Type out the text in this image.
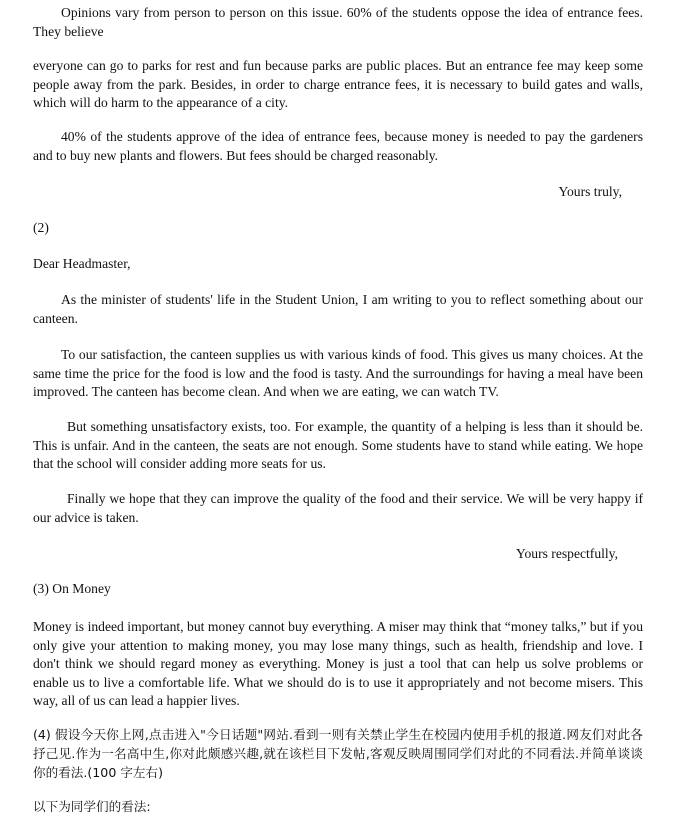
Opinions vary from person to person on this issue. 60% of the students oppose the idea of entrance fees. They believe

everyone can go to parks for rest and fun because parks are public places. But an entrance fee may keep some people away from the park. Besides, in order to charge entrance fees, it is necessary to build gates and walls, which will do harm to the appearance of a city.

40% of the students approve of the idea of entrance fees, because money is needed to pay the gardeners and to buy new plants and flowers. But fees should be charged reasonably.

Yours truly,

(2)

Dear Headmaster,

As the minister of students' life in the Student Union, I am writing to you to reflect something about our canteen.

To our satisfaction, the canteen supplies us with various kinds of food. This gives us many choices. At the same time the price for the food is low and the food is tasty. And the surroundings for having a meal have been improved. The canteen has become clean. And when we are eating, we can watch TV.

But something unsatisfactory exists, too. For example, the quantity of a helping is less than it should be. This is unfair. And in the canteen, the seats are not enough. Some students have to stand while eating. We hope that the school will consider adding more seats for us.

Finally we hope that they can improve the quality of the food and their service. We will be very happy if our advice is taken.

Yours respectfully,

(3) On Money

Money is indeed important, but money cannot buy everything. A miser may think that “money talks,” but if you only give your attention to making money, you may lose many things, such as health, friendship and love. I don't think we should regard money as everything. Money is just a tool that can help us solve problems or enable us to live a comfortable life. What we should do is to use it appropriately and not become misers. This way, all of us can lead a happier lives.

(4) 假设今天你上网,点击进入"今日话题"网站.看到一则有关禁止学生在校园内使用手机的报道.网友们对此各抒己见.作为一名高中生,你对此颇感兴趣,就在该栏目下发帖,客观反映周围同学们对此的不同看法.并简单谈谈你的看法.(100 字左右)

以下为同学们的看法:
